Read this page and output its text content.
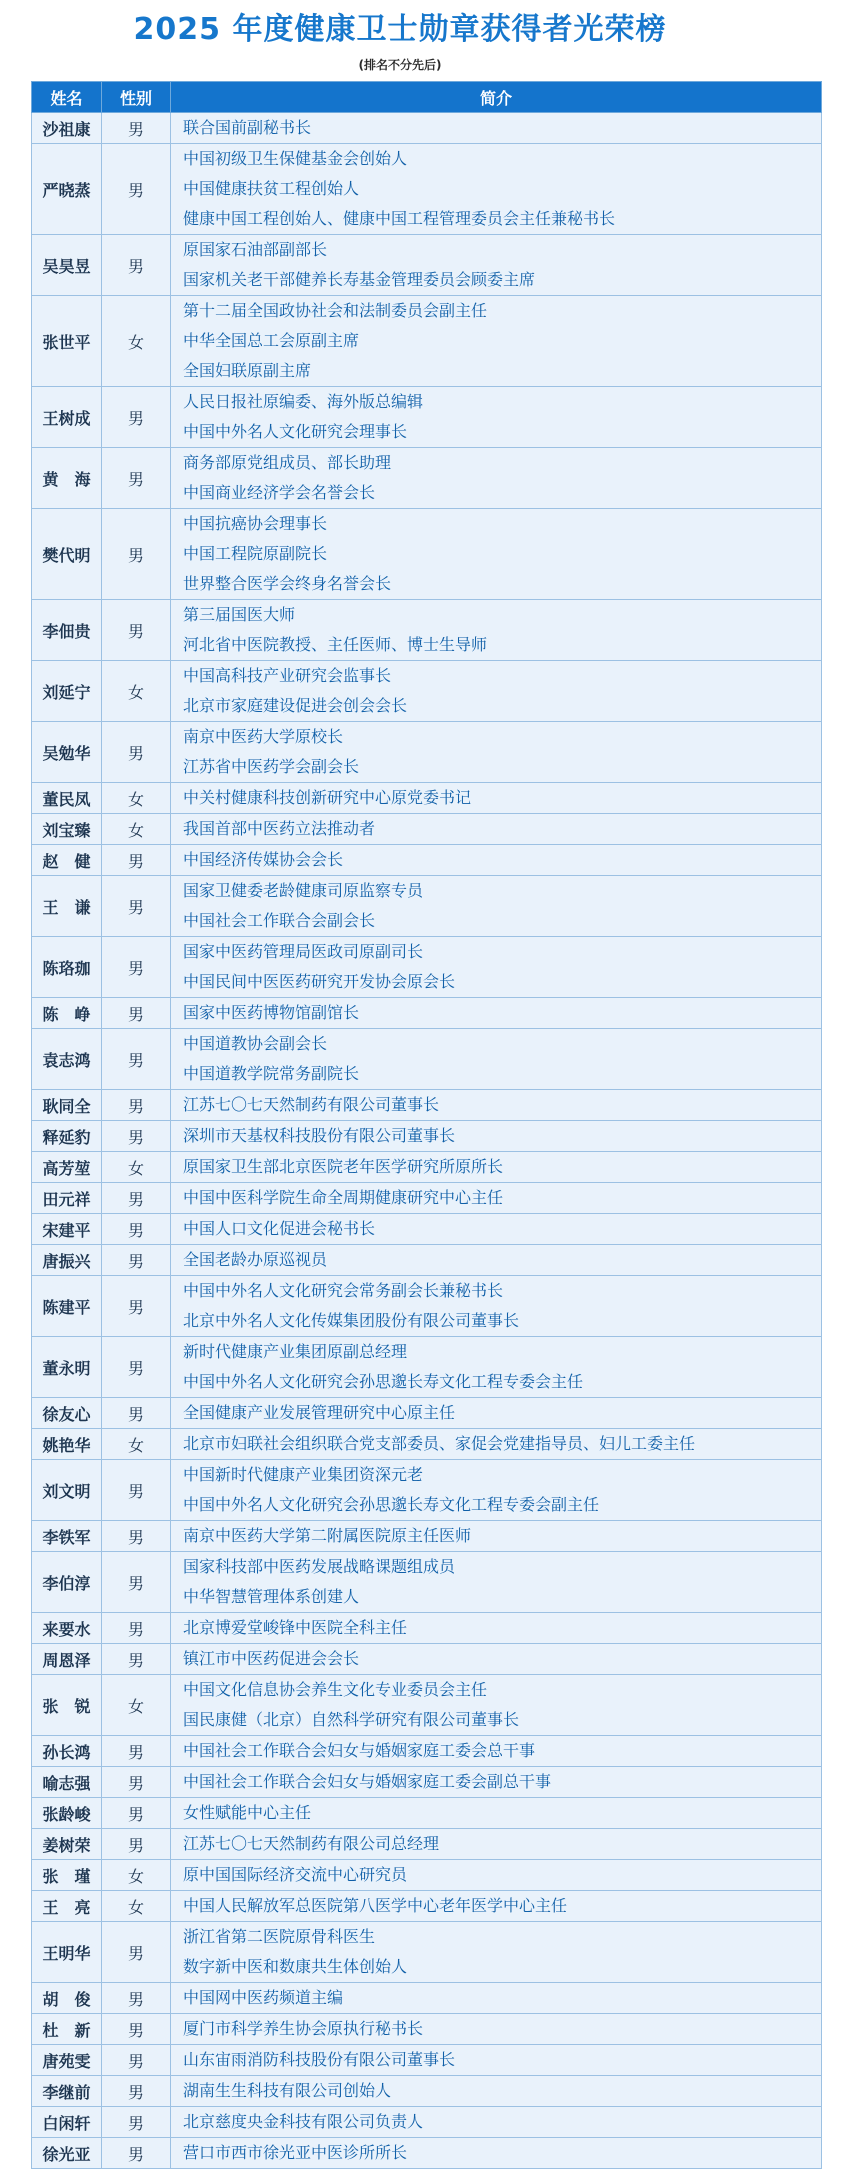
2025 年度健康卫士勋章获得者光荣榜
(排名不分先后)
姓名	性别	简介
沙祖康	男	联合国前副秘书长

严晓蒸	男	中国初级卫生保健基金会创始人
中国健康扶贫工程创始人
健康中国工程创始人、健康中国工程管理委员会主任兼秘书长

吴昊昱	男	原国家石油部副部长
国家机关老干部健养长寿基金管理委员会顾委主席

张世平	女	第十二届全国政协社会和法制委员会副主任
中华全国总工会原副主席
全国妇联原副主席

王树成	男	人民日报社原编委、海外版总编辑
中国中外名人文化研究会理事长

黄　海	男	商务部原党组成员、部长助理
中国商业经济学会名誉会长

樊代明	男	中国抗癌协会理事长
中国工程院原副院长
世界整合医学会终身名誉会长

李佃贵	男	第三届国医大师
河北省中医院教授、主任医师、博士生导师

刘延宁	女	中国高科技产业研究会监事长
北京市家庭建设促进会创会会长

吴勉华	男	南京中医药大学原校长
江苏省中医药学会副会长

董民凤	女	中关村健康科技创新研究中心原党委书记

刘宝臻	女	我国首部中医药立法推动者

赵　健	男	中国经济传媒协会会长

王　谦	男	国家卫健委老龄健康司原监察专员
中国社会工作联合会副会长

陈珞珈	男	国家中医药管理局医政司原副司长
中国民间中医医药研究开发协会原会长

陈　峥	男	国家中医药博物馆副馆长

袁志鸿	男	中国道教协会副会长
中国道教学院常务副院长

耿同全	男	江苏七〇七天然制药有限公司董事长

释延豹	男	深圳市天基权科技股份有限公司董事长

高芳堃	女	原国家卫生部北京医院老年医学研究所原所长

田元祥	男	中国中医科学院生命全周期健康研究中心主任

宋建平	男	中国人口文化促进会秘书长

唐振兴	男	全国老龄办原巡视员

陈建平	男	中国中外名人文化研究会常务副会长兼秘书长
北京中外名人文化传媒集团股份有限公司董事长

董永明	男	新时代健康产业集团原副总经理
中国中外名人文化研究会孙思邈长寿文化工程专委会主任

徐友心	男	全国健康产业发展管理研究中心原主任

姚艳华	女	北京市妇联社会组织联合党支部委员、家促会党建指导员、妇儿工委主任

刘文明	男	中国新时代健康产业集团资深元老
中国中外名人文化研究会孙思邈长寿文化工程专委会副主任

李铁军	男	南京中医药大学第二附属医院原主任医师

李伯淳	男	国家科技部中医药发展战略课题组成员
中华智慧管理体系创建人

来要水	男	北京博爱堂峻锋中医院全科主任

周恩泽	男	镇江市中医药促进会会长

张　锐	女	中国文化信息协会养生文化专业委员会主任
国民康健（北京）自然科学研究有限公司董事长

孙长鸿	男	中国社会工作联合会妇女与婚姻家庭工委会总干事

喻志强	男	中国社会工作联合会妇女与婚姻家庭工委会副总干事

张龄峻	男	女性赋能中心主任

姜树荣	男	江苏七〇七天然制药有限公司总经理

张　瑾	女	原中国国际经济交流中心研究员

王　亮	女	中国人民解放军总医院第八医学中心老年医学中心主任

王明华	男	浙江省第二医院原骨科医生
数字新中医和数康共生体创始人

胡　俊	男	中国网中医药频道主编

杜　新	男	厦门市科学养生协会原执行秘书长

唐苑雯	男	山东宙雨消防科技股份有限公司董事长

李继前	男	湖南生生科技有限公司创始人

白闲轩	男	北京慈度央金科技有限公司负责人

徐光亚	男	营口市西市徐光亚中医诊所所长
